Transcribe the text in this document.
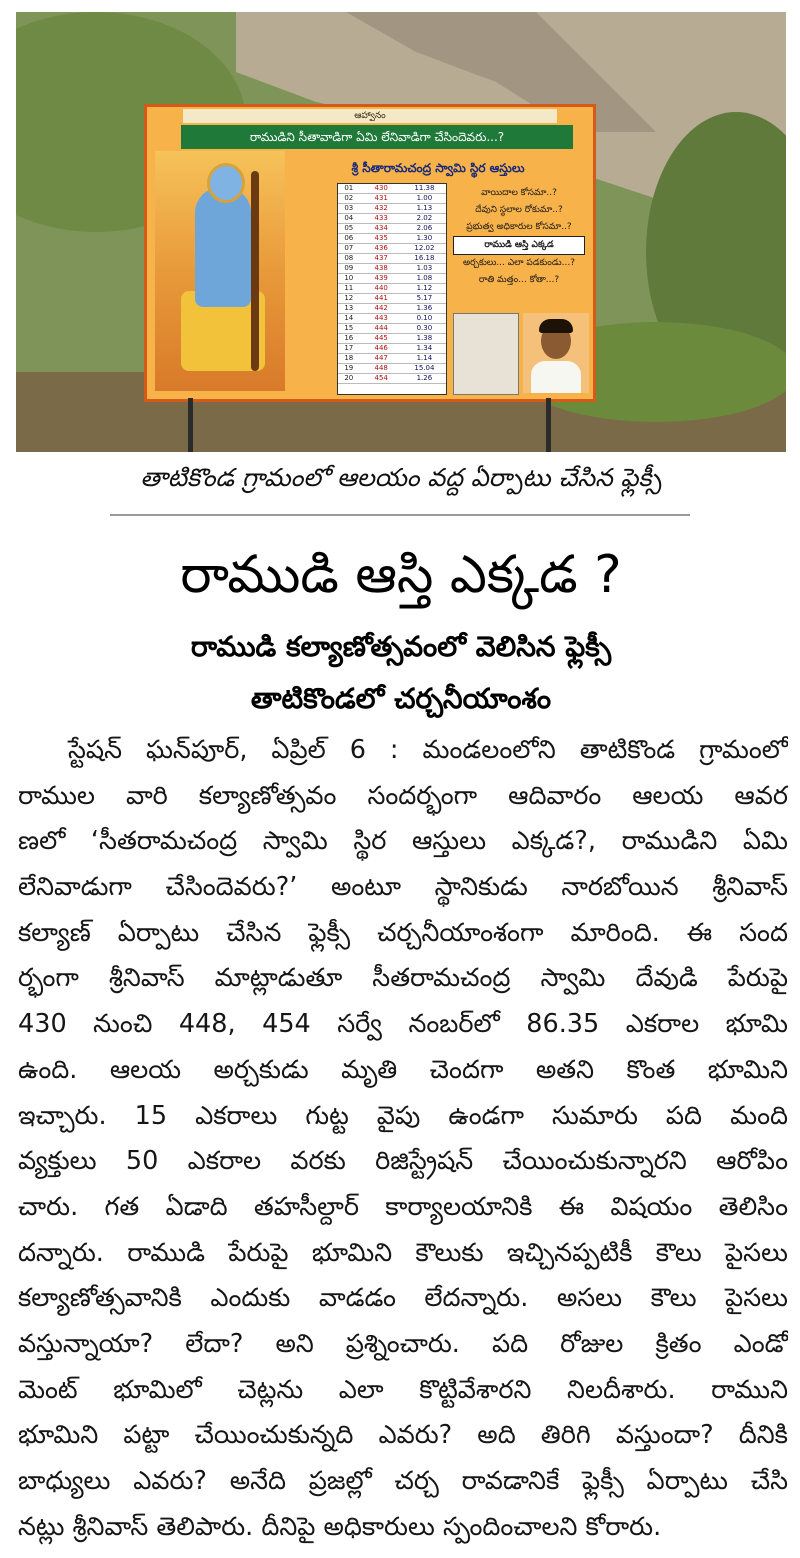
ఆహ్వానం
రాముడిని సీతావాడిగా ఏమి లేనివాడిగా చేసిందెవరు...?
శ్రీ సీతారామచంద్ర స్వామి స్థిర ఆస్తులు
01	430	11.38
02	431	1.00
03	432	1.13
04	433	2.02
05	434	2.06
06	435	1.30
07	436	12.02
08	437	16.18
09	438	1.03
10	439	1.08
11	440	1.12
12	441	5.17
13	442	1.36
14	443	0.10
15	444	0.30
16	445	1.38
17	446	1.34
18	447	1.14
19	448	15.04
20	454	1.26
వాయిదాల కోసమా..?
దేవుని స్థలాల రోకుమా..?
ప్రభుత్వ అధికారుల కోసమా..?
రాముడి ఆస్తి ఎక్కడ
అర్చకులు... ఎలా పడకుండు...?
రాతి మత్తం... కోతా...?
తాటికొండ గ్రామంలో ఆలయం వద్ద ఏర్పాటు చేసిన ఫ్లెక్సీ
రాముడి ఆస్తి ఎక్కడ ?
రాముడి కల్యాణోత్సవంలో వెలిసిన ఫ్లెక్సీ
తాటికొండలో చర్చనీయాంశం
స్టేషన్ ఘన్‌పూర్, ఏప్రిల్ 6 : మండలంలోని తాటికొండ గ్రామంలో
రాముల వారి కల్యాణోత్సవం సందర్భంగా ఆదివారం ఆలయ ఆవర
ణలో ‘సీతరామచంద్ర స్వామి స్థిర ఆస్తులు ఎక్కడ?, రాముడిని ఏమి
లేనివాడుగా చేసిందెవరు?’ అంటూ స్థానికుడు నారబోయిన శ్రీనివాస్
కల్యాణ్ ఏర్పాటు చేసిన ఫ్లెక్సీ చర్చనీయాంశంగా మారింది. ఈ సంద
ర్భంగా శ్రీనివాస్ మాట్లాడుతూ సీతరామచంద్ర స్వామి దేవుడి పేరుపై
430 నుంచి 448, 454 సర్వే నంబర్‌లో 86.35 ఎకరాల భూమి
ఉంది. ఆలయ అర్చకుడు మృతి చెందగా అతని కొంత భూమిని
ఇచ్చారు. 15 ఎకరాలు గుట్ట వైపు ఉండగా సుమారు పది మంది
వ్యక్తులు 50 ఎకరాల వరకు రిజిస్ట్రేషన్ చేయించుకున్నారని ఆరోపిం
చారు. గత ఏడాది తహసీల్దార్ కార్యాలయానికి ఈ విషయం తెలిసిం
దన్నారు. రాముడి పేరుపై భూమిని కౌలుకు ఇచ్చినప్పటికీ కౌలు పైసలు
కల్యాణోత్సవానికి ఎందుకు వాడడం లేదన్నారు. అసలు కౌలు పైసలు
వస్తున్నాయా? లేదా? అని ప్రశ్నించారు. పది రోజుల క్రితం ఎండో
మెంట్ భూమిలో చెట్లను ఎలా కొట్టివేశారని నిలదీశారు. రాముని
భూమిని పట్టా చేయించుకున్నది ఎవరు? అది తిరిగి వస్తుందా? దీనికి
బాధ్యులు ఎవరు? అనేది ప్రజల్లో చర్చ రావడానికే ఫ్లెక్సీ ఏర్పాటు చేసి
నట్లు శ్రీనివాస్ తెలిపారు. దీనిపై అధికారులు స్పందించాలని కోరారు.
